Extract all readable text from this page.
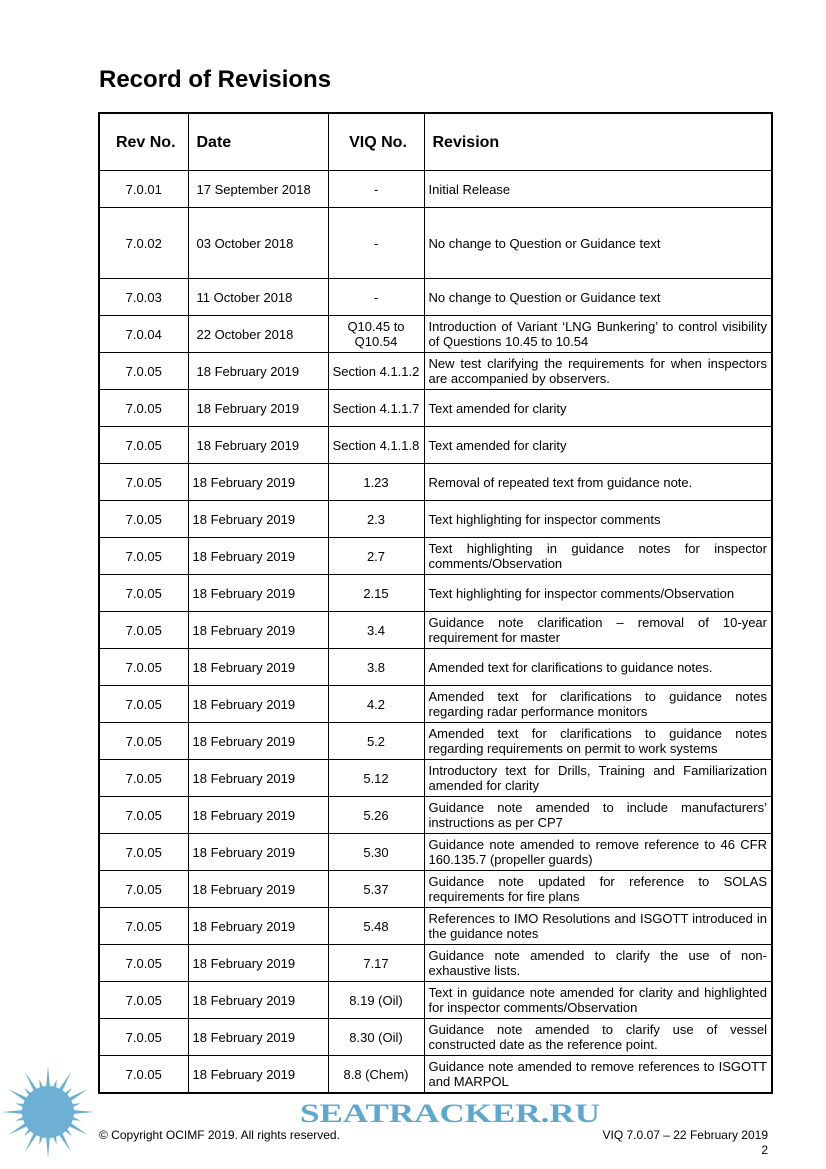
Record of Revisions
Rev No.	Date	VIQ No.	Revision
7.0.01	17 September 2018	-	Initial Release
7.0.02	03 October 2018	-	No change to Question or Guidance text
7.0.03	11 October 2018	-	No change to Question or Guidance text
7.0.04	22 October 2018	Q10.45 to Q10.54	Introduction of Variant ‘LNG Bunkering’ to control visibility of Questions 10.45 to 10.54
7.0.05	18 February 2019	Section 4.1.1.2	New test clarifying the requirements for when inspectors are accompanied by observers.
7.0.05	18 February 2019	Section 4.1.1.7	Text amended for clarity
7.0.05	18 February 2019	Section 4.1.1.8	Text amended for clarity
7.0.05	18 February 2019	1.23	Removal of repeated text from guidance note.
7.0.05	18 February 2019	2.3	Text highlighting for inspector comments
7.0.05	18 February 2019	2.7	Text highlighting in guidance notes for inspector comments/Observation
7.0.05	18 February 2019	2.15	Text highlighting for inspector comments/Observation
7.0.05	18 February 2019	3.4	Guidance note clarification – removal of 10-year requirement for master
7.0.05	18 February 2019	3.8	Amended text for clarifications to guidance notes.
7.0.05	18 February 2019	4.2	Amended text for clarifications to guidance notes regarding radar performance monitors
7.0.05	18 February 2019	5.2	Amended text for clarifications to guidance notes regarding requirements on permit to work systems
7.0.05	18 February 2019	5.12	Introductory text for Drills, Training and Familiarization amended for clarity
7.0.05	18 February 2019	5.26	Guidance note amended to include manufacturers’ instructions as per CP7
7.0.05	18 February 2019	5.30	Guidance note amended to remove reference to 46 CFR 160.135.7 (propeller guards)
7.0.05	18 February 2019	5.37	Guidance note updated for reference to SOLAS requirements for fire plans
7.0.05	18 February 2019	5.48	References to IMO Resolutions and ISGOTT introduced in the guidance notes
7.0.05	18 February 2019	7.17	Guidance note amended to clarify the use of non-exhaustive lists.
7.0.05	18 February 2019	8.19 (Oil)	Text in guidance note amended for clarity and highlighted for inspector comments/Observation
7.0.05	18 February 2019	8.30 (Oil)	Guidance note amended to clarify use of vessel constructed date as the reference point.
7.0.05	18 February 2019	8.8 (Chem)	Guidance note amended to remove references to ISGOTT and MARPOL
SEATRACKER.RU
© Copyright OCIMF 2019. All rights reserved.	VIQ 7.0.07 – 22 February 2019
2
